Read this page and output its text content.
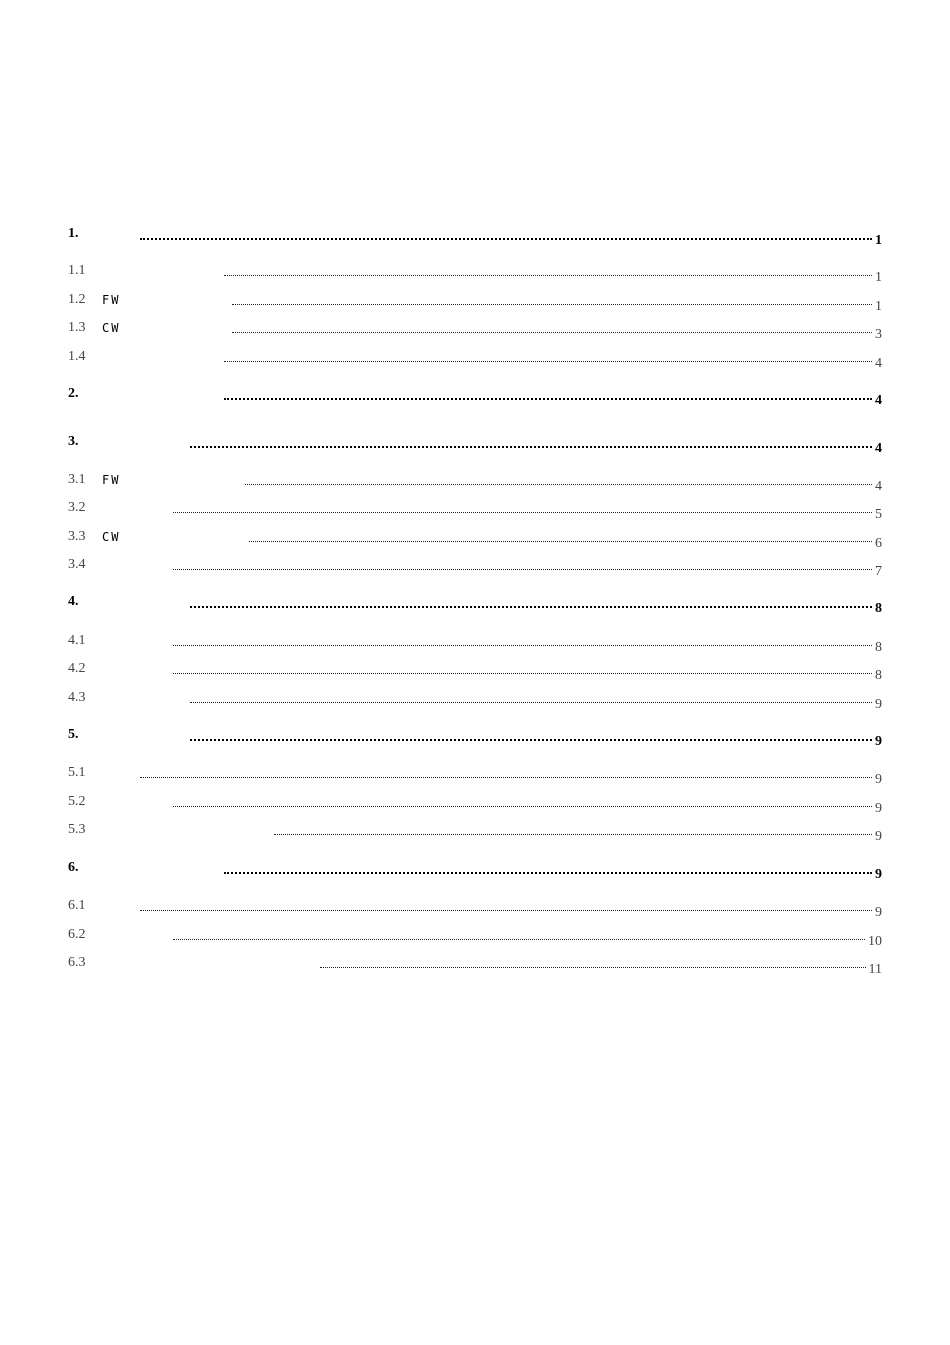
1.	1
1.1	1
1.2 FW	1
1.3 CW	3
1.4	4
2.	4
3.	4
3.1 FW	4
3.2	5
3.3 CW	6
3.4	7
4.	8
4.1	8
4.2	8
4.3	9
5.	9
5.1	9
5.2	9
5.3	9
6.	9
6.1	9
6.2	10
6.3	11
